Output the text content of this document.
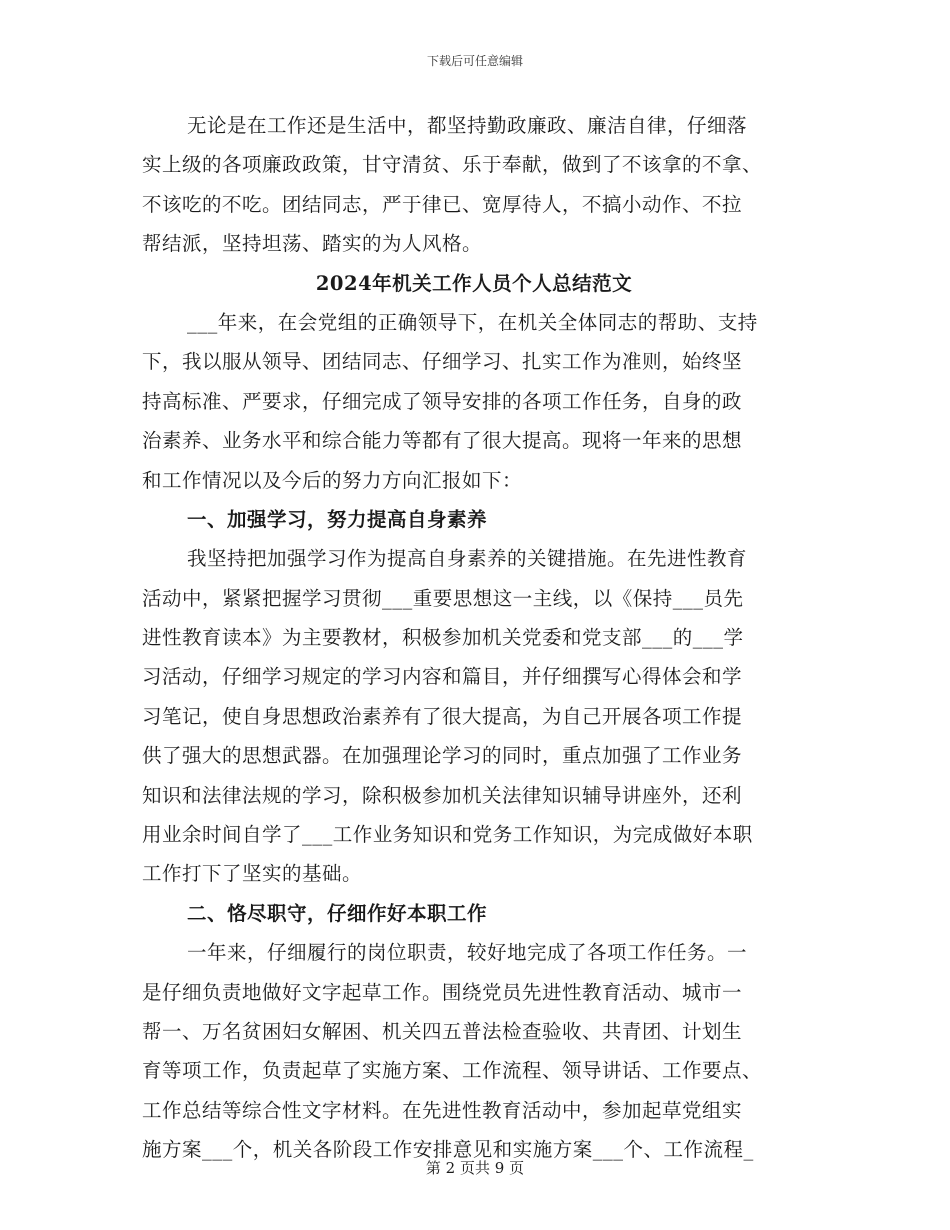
下载后可任意编辑
无论是在工作还是生活中，都坚持勤政廉政、廉洁自律，仔细落
实上级的各项廉政政策，甘守清贫、乐于奉献，做到了不该拿的不拿、
不该吃的不吃。团结同志，严于律已、宽厚待人，不搞小动作、不拉
帮结派，坚持坦荡、踏实的为人风格。
2024年机关工作人员个人总结范文
___年来，在会党组的正确领导下，在机关全体同志的帮助、支持
下，我以服从领导、团结同志、仔细学习、扎实工作为准则，始终坚
持高标准、严要求，仔细完成了领导安排的各项工作任务，自身的政
治素养、业务水平和综合能力等都有了很大提高。现将一年来的思想
和工作情况以及今后的努力方向汇报如下：
一、加强学习，努力提高自身素养
我坚持把加强学习作为提高自身素养的关键措施。在先进性教育
活动中，紧紧把握学习贯彻___重要思想这一主线，以《保持___员先
进性教育读本》为主要教材，积极参加机关党委和党支部___的___学
习活动，仔细学习规定的学习内容和篇目，并仔细撰写心得体会和学
习笔记，使自身思想政治素养有了很大提高，为自己开展各项工作提
供了强大的思想武器。在加强理论学习的同时，重点加强了工作业务
知识和法律法规的学习，除积极参加机关法律知识辅导讲座外，还利
用业余时间自学了___工作业务知识和党务工作知识，为完成做好本职
工作打下了坚实的基础。
二、恪尽职守，仔细作好本职工作
一年来，仔细履行的岗位职责，较好地完成了各项工作任务。一
是仔细负责地做好文字起草工作。围绕党员先进性教育活动、城市一
帮一、万名贫困妇女解困、机关四五普法检查验收、共青团、计划生
育等项工作，负责起草了实施方案、工作流程、领导讲话、工作要点、
工作总结等综合性文字材料。在先进性教育活动中，参加起草党组实
施方案___个，机关各阶段工作安排意见和实施方案___个、工作流程_
第 2 页共 9 页
